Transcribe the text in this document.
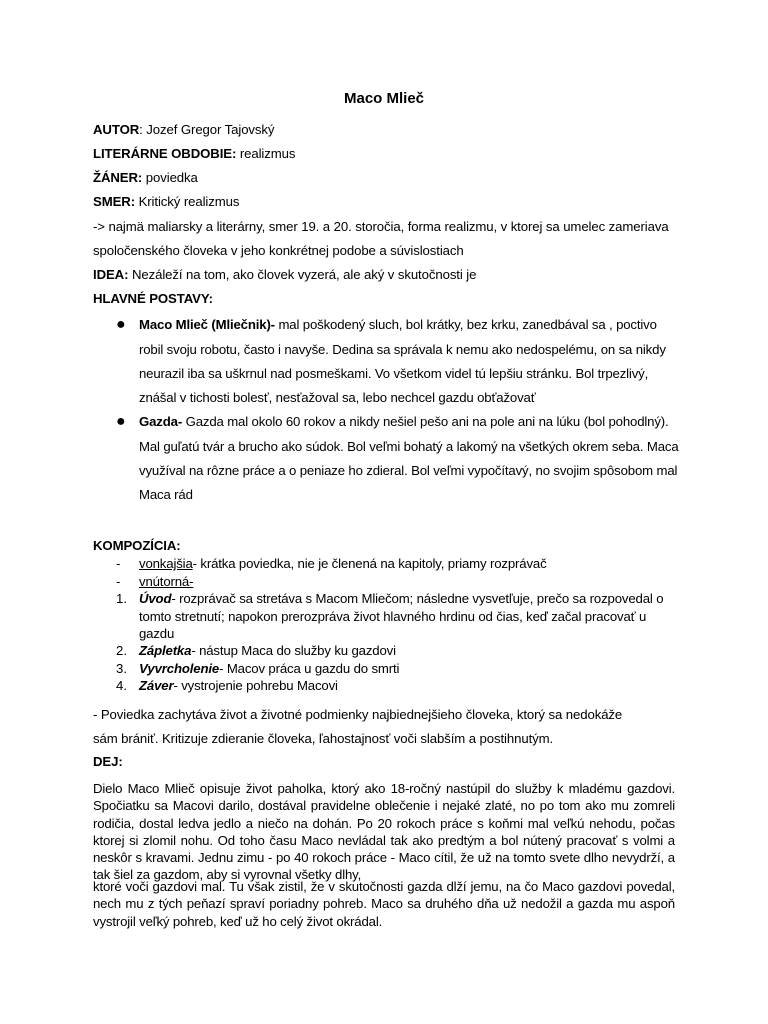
Maco Mlieč
AUTOR: Jozef Gregor Tajovský
LITERÁRNE OBDOBIE: realizmus
ŽÁNER: poviedka
SMER: Kritický realizmus
-> najmä maliarsky a literárny, smer 19. a 20. storočia, forma realizmu, v ktorej sa umelec zameriava
spoločenského človeka v jeho konkrétnej podobe a súvislostiach
IDEA: Nezáleží na tom, ako človek vyzerá, ale aký v skutočnosti je
HLAVNÉ POSTAVY:
● Maco Mlieč (Mliečnik)- mal poškodený sluch, bol krátky, bez krku, zanedbával sa , poctivo
robil svoju robotu, často i navyše. Dedina sa správala k nemu ako nedospelému, on sa nikdy
neurazil iba sa uškrnul nad posmeškami. Vo všetkom videl tú lepšiu stránku. Bol trpezlivý,
znášal v tichosti bolesť, nesťažoval sa, lebo nechcel gazdu obťažovať
● Gazda- Gazda mal okolo 60 rokov a nikdy nešiel pešo ani na pole ani na lúku (bol pohodlný).
Mal guľatú tvár a brucho ako súdok. Bol veľmi bohatý a lakomý na všetkých okrem seba. Maca
využíval na rôzne práce a o peniaze ho zdieral. Bol veľmi vypočítavý, no svojim spôsobom mal
Maca rád
KOMPOZÍCIA:
- vonkajšia- krátka poviedka, nie je členená na kapitoly, priamy rozprávač
- vnútorná-
1. Úvod- rozprávač sa stretáva s Macom Mliečom; následne vysvetľuje, prečo sa rozpovedal o
tomto stretnutí; napokon prerozpráva život hlavného hrdinu od čias, keď začal pracovať u
gazdu
2. Zápletka- nástup Maca do služby ku gazdovi
3. Vyvrcholenie- Macov práca u gazdu do smrti
4. Záver- vystrojenie pohrebu Macovi
- Poviedka zachytáva život a životné podmienky najbiednejšieho človeka, ktorý sa nedokáže
sám brániť. Kritizuje zdieranie človeka, ľahostajnosť voči slabším a postihnutým.
DEJ:
Dielo Maco Mlieč opisuje život paholka, ktorý ako 18-ročný nastúpil do služby k mladému gazdovi. Spočiatku sa Macovi darilo, dostával pravidelne oblečenie i nejaké zlaté, no po tom ako mu zomreli rodičia, dostal ledva jedlo a niečo na dohán. Po 20 rokoch práce s koňmi mal veľkú nehodu, počas ktorej si zlomil nohu. Od toho času Maco nevládal tak ako predtým a bol nútený pracovať s volmi a neskôr s kravami. Jednu zimu - po 40 rokoch práce - Maco cítil, že už na tomto svete dlho nevydrží, a tak šiel za gazdom, aby si vyrovnal všetky dlhy,
ktoré voči gazdovi mal. Tu však zistil, že v skutočnosti gazda dlží jemu, na čo Maco gazdovi povedal, nech mu z tých peňazí spraví poriadny pohreb. Maco sa druhého dňa už nedožil a gazda mu aspoň vystrojil veľký pohreb, keď už ho celý život okrádal.
